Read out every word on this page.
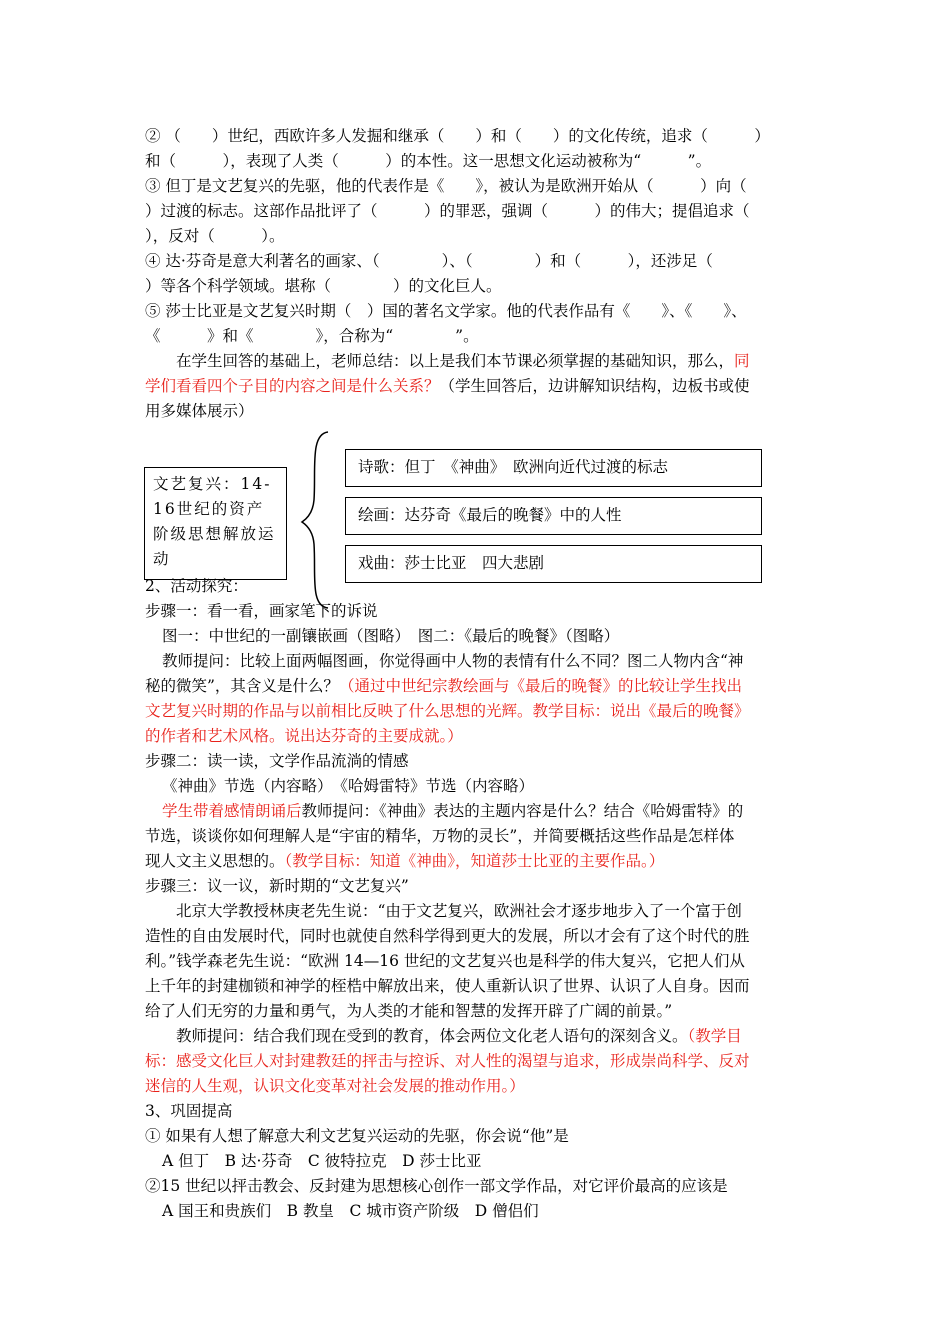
② （　　）世纪，西欧许多人发掘和继承（　　）和（　　）的文化传统，追求（　　　）
和（　　　），表现了人类（　　　）的本性。这一思想文化运动被称为“　　　”。
③ 但丁是文艺复兴的先驱，他的代表作是《　　》，被认为是欧洲开始从（　　　）向（
）过渡的标志。这部作品批评了（　　　）的罪恶，强调（　　　）的伟大；提倡追求（
），反对（　　　）。
④ 达·芬奇是意大利著名的画家、（　　　　）、（　　　　）和（　　　），还涉足（
）等各个科学领域。堪称（　　　　）的文化巨人。
⑤ 莎士比亚是文艺复兴时期（　）国的著名文学家。他的代表作品有《　　》、《　　》、
《　　　》和《　　　　》，合称为“　　　　”。
在学生回答的基础上，老师总结：以上是我们本节课必须掌握的基础知识，那么，同
学们看看四个子目的内容之间是什么关系？（学生回答后，边讲解知识结构，边板书或使
用多媒体展示）
文艺复兴：14-16世纪的资产阶级思想解放运动
诗歌：但丁　《神曲》　欧洲向近代过渡的标志
绘画：达芬奇《最后的晚餐》中的人性
戏曲：莎士比亚　四大悲剧
2、活动探究：
步骤一：看一看，画家笔下的诉说
图一：中世纪的一副镶嵌画（图略）　图二：《最后的晚餐》（图略）
教师提问：比较上面两幅图画，你觉得画中人物的表情有什么不同？图二人物内含“神
秘的微笑”，其含义是什么？（通过中世纪宗教绘画与《最后的晚餐》的比较让学生找出
文艺复兴时期的作品与以前相比反映了什么思想的光辉。教学目标：说出《最后的晚餐》
的作者和艺术风格。说出达芬奇的主要成就。）
步骤二：读一读，文学作品流淌的情感
《神曲》节选（内容略）　《哈姆雷特》节选（内容略）
学生带着感情朗诵后教师提问：《神曲》表达的主题内容是什么？结合《哈姆雷特》的
节选，谈谈你如何理解人是“宇宙的精华，万物的灵长”，并简要概括这些作品是怎样体
现人文主义思想的。（教学目标：知道《神曲》，知道莎士比亚的主要作品。）
步骤三：议一议，新时期的“文艺复兴”
北京大学教授林庚老先生说：“由于文艺复兴，欧洲社会才逐步地步入了一个富于创
造性的自由发展时代，同时也就使自然科学得到更大的发展，所以才会有了这个时代的胜
利。”钱学森老先生说：“欧洲 14—16 世纪的文艺复兴也是科学的伟大复兴，它把人们从
上千年的封建枷锁和神学的桎梏中解放出来，使人重新认识了世界、认识了人自身。因而
给了人们无穷的力量和勇气，为人类的才能和智慧的发挥开辟了广阔的前景。”
教师提问：结合我们现在受到的教育，体会两位文化老人语句的深刻含义。（教学目
标：感受文化巨人对封建教廷的抨击与控诉、对人性的渴望与追求，形成崇尚科学、反对
迷信的人生观，认识文化变革对社会发展的推动作用。）
3、巩固提高
① 如果有人想了解意大利文艺复兴运动的先驱，你会说“他”是
A 但丁　B 达·芬奇　C 彼特拉克　D 莎士比亚
②15 世纪以抨击教会、反封建为思想核心创作一部文学作品，对它评价最高的应该是
A 国王和贵族们　B 教皇　C 城市资产阶级　D 僧侣们
